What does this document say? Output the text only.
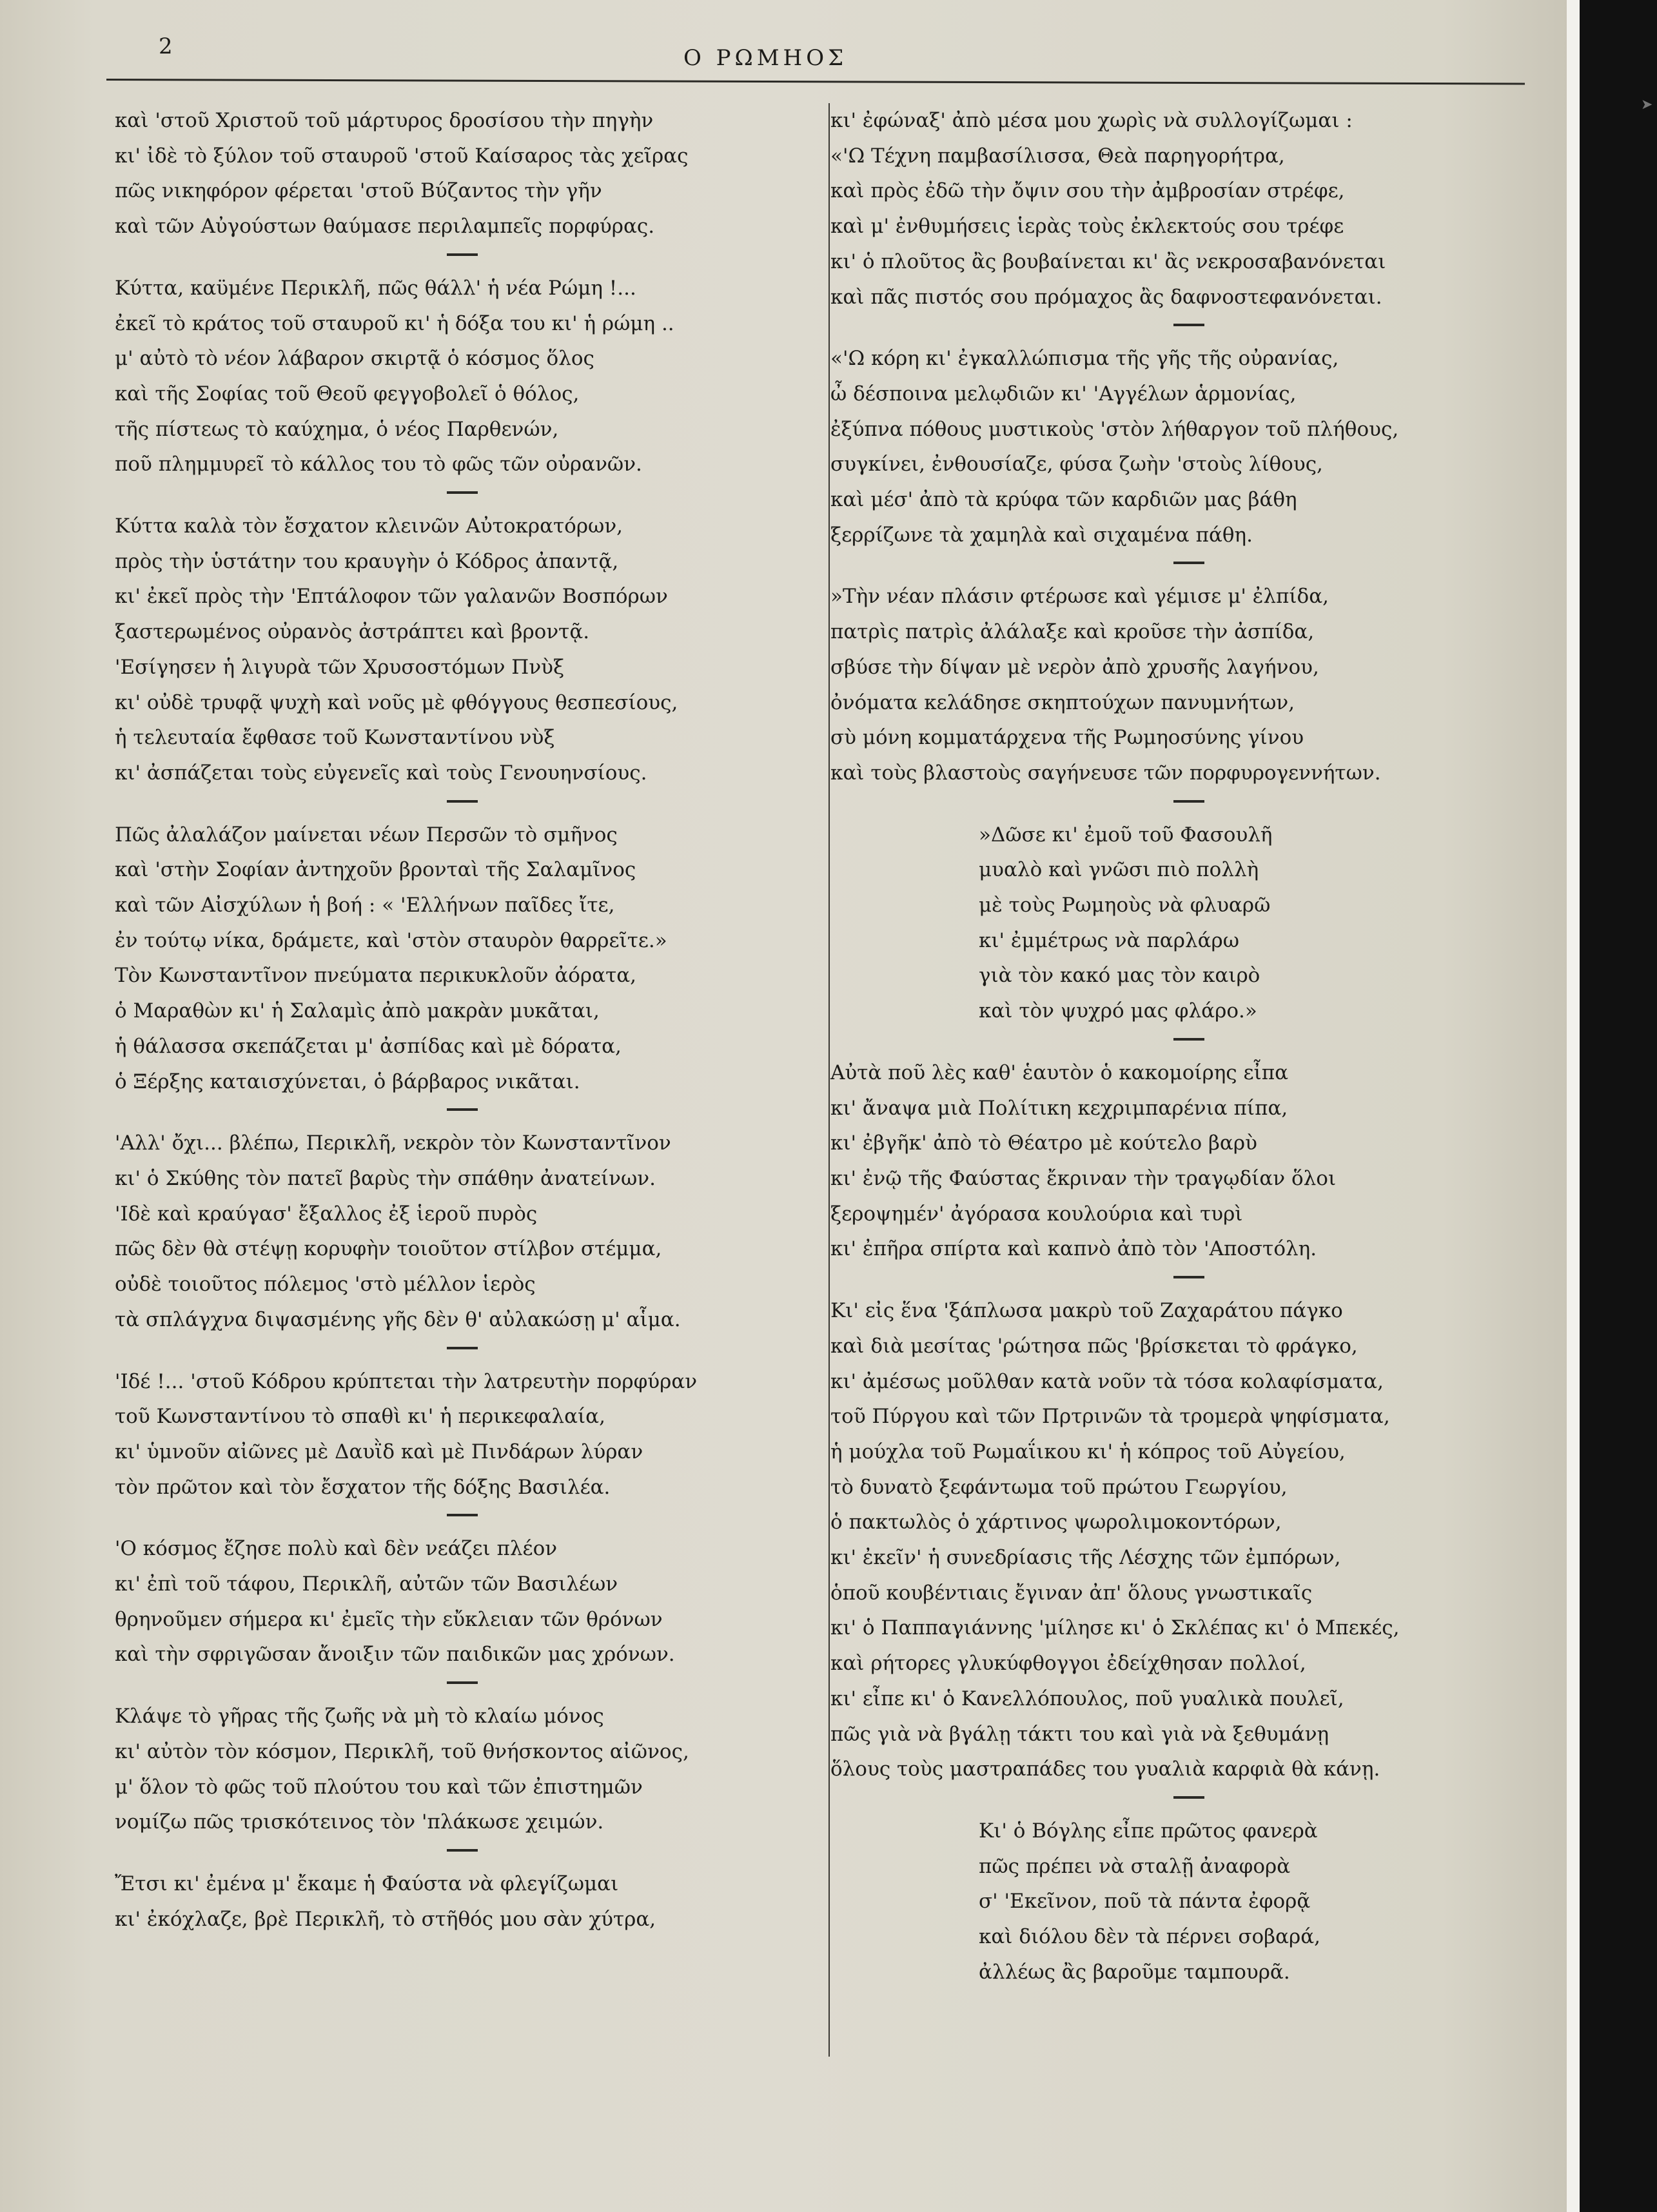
➤
2	Ο ΡΩΜΗΟΣ
καὶ 'στοῦ Χριστοῦ τοῦ μάρτυρος δροσίσου τὴν πηγὴν
κι' ἰδὲ τὸ ξύλον τοῦ σταυροῦ 'στοῦ Καίσαρος τὰς χεῖρας
πῶς νικηφόρον φέρεται 'στοῦ Βύζαντος τὴν γῆν
καὶ τῶν Αὐγούστων θαύμασε περιλαμπεῖς πορφύρας.
Κύττα, καϋμένε Περικλῆ, πῶς θάλλ' ἡ νέα Ρώμη !...
ἐκεῖ τὸ κράτος τοῦ σταυροῦ κι' ἡ δόξα του κι' ἡ ρώμη ..
μ' αὐτὸ τὸ νέον λάβαρον σκιρτᾷ ὁ κόσμος ὅλος
καὶ τῆς Σοφίας τοῦ Θεοῦ φεγγοβολεῖ ὁ θόλος,
τῆς πίστεως τὸ καύχημα, ὁ νέος Παρθενών,
ποῦ πλημμυρεῖ τὸ κάλλος του τὸ φῶς τῶν οὐρανῶν.
Κύττα καλὰ τὸν ἔσχατον κλεινῶν Αὐτοκρατόρων,
πρὸς τὴν ὑστάτην του κραυγὴν ὁ Κόδρος ἀπαντᾷ,
κι' ἐκεῖ πρὸς τὴν 'Επτάλοφον τῶν γαλανῶν Βοσπόρων
ξαστερωμένος οὐρανὸς ἀστράπτει καὶ βροντᾷ.
'Εσίγησεν ἡ λιγυρὰ τῶν Χρυσοστόμων Πνὺξ
κι' οὐδὲ τρυφᾷ ψυχὴ καὶ νοῦς μὲ φθόγγους θεσπεσίους,
ἡ τελευταία ἔφθασε τοῦ Κωνσταντίνου νὺξ
κι' ἀσπάζεται τοὺς εὐγενεῖς καὶ τοὺς Γενουηνσίους.
Πῶς ἀλαλάζον μαίνεται νέων Περσῶν τὸ σμῆνος
καὶ 'στὴν Σοφίαν ἀντηχοῦν βρονταὶ τῆς Σαλαμῖνος
καὶ τῶν Αἰσχύλων ἡ βοή : « 'Ελλήνων παῖδες ἴτε,
ἐν τούτῳ νίκα, δράμετε, καὶ 'στὸν σταυρὸν θαρρεῖτε.»
Τὸν Κωνσταντῖνον πνεύματα περικυκλοῦν ἀόρατα,
ὁ Μαραθὼν κι' ἡ Σαλαμὶς ἀπὸ μακρὰν μυκᾶται,
ἡ θάλασσα σκεπάζεται μ' ἀσπίδας καὶ μὲ δόρατα,
ὁ Ξέρξης καταισχύνεται, ὁ βάρβαρος νικᾶται.
'Αλλ' ὄχι... βλέπω, Περικλῆ, νεκρὸν τὸν Κωνσταντῖνον
κι' ὁ Σκύθης τὸν πατεῖ βαρὺς τὴν σπάθην ἀνατείνων.
'Ιδὲ καὶ κραύγασ' ἔξαλλος ἐξ ἱεροῦ πυρὸς
πῶς δὲν θὰ στέψῃ κορυφὴν τοιοῦτον στίλβον στέμμα,
οὐδὲ τοιοῦτος πόλεμος 'στὸ μέλλον ἱερὸς
τὰ σπλάγχνα διψασμένης γῆς δὲν θ' αὐλακώσῃ μ' αἷμα.
'Ιδέ !... 'στοῦ Κόδρου κρύπτεται τὴν λατρευτὴν πορφύραν
τοῦ Κωνσταντίνου τὸ σπαθὶ κι' ἡ περικεφαλαία,
κι' ὑμνοῦν αἰῶνες μὲ Δαυῒδ καὶ μὲ Πινδάρων λύραν
τὸν πρῶτον καὶ τὸν ἔσχατον τῆς δόξης Βασιλέα.
'Ο κόσμος ἔζησε πολὺ καὶ δὲν νεάζει πλέον
κι' ἐπὶ τοῦ τάφου, Περικλῆ, αὐτῶν τῶν Βασιλέων
θρηνοῦμεν σήμερα κι' ἐμεῖς τὴν εὔκλειαν τῶν θρόνων
καὶ τὴν σφριγῶσαν ἄνοιξιν τῶν παιδικῶν μας χρόνων.
Κλάψε τὸ γῆρας τῆς ζωῆς νὰ μὴ τὸ κλαίω μόνος
κι' αὐτὸν τὸν κόσμον, Περικλῆ, τοῦ θνήσκοντος αἰῶνος,
μ' ὅλον τὸ φῶς τοῦ πλούτου του καὶ τῶν ἐπιστημῶν
νομίζω πῶς τρισκότεινος τὸν 'πλάκωσε χειμών.
Ἔτσι κι' ἐμένα μ' ἔκαμε ἡ Φαύστα νὰ φλεγίζωμαι
κι' ἐκόχλαζε, βρὲ Περικλῆ, τὸ στῆθός μου σὰν χύτρα,
κι' ἐφώναξ' ἀπὸ μέσα μου χωρὶς νὰ συλλογίζωμαι :
«'Ω Τέχνη παμβασίλισσα, Θεὰ παρηγορήτρα,
καὶ πρὸς ἐδῶ τὴν ὄψιν σου τὴν ἀμβροσίαν στρέφε,
καὶ μ' ἐνθυμήσεις ἱερὰς τοὺς ἐκλεκτούς σου τρέφε
κι' ὁ πλοῦτος ἂς βουβαίνεται κι' ἂς νεκροσαβανόνεται
καὶ πᾶς πιστός σου πρόμαχος ἂς δαφνοστεφανόνεται.
«'Ω κόρη κι' ἐγκαλλώπισμα τῆς γῆς τῆς οὐρανίας,
ὦ δέσποινα μελῳδιῶν κι' 'Αγγέλων ἁρμονίας,
ἐξύπνα πόθους μυστικοὺς 'στὸν λήθαργον τοῦ πλήθους,
συγκίνει, ἐνθουσίαζε, φύσα ζωὴν 'στοὺς λίθους,
καὶ μέσ' ἀπὸ τὰ κρύφα τῶν καρδιῶν μας βάθη
ξερρίζωνε τὰ χαμηλὰ καὶ σιχαμένα πάθη.
»Τὴν νέαν πλάσιν φτέρωσε καὶ γέμισε μ' ἐλπίδα,
πατρὶς πατρὶς ἀλάλαξε καὶ κροῦσε τὴν ἀσπίδα,
σβύσε τὴν δίψαν μὲ νερὸν ἀπὸ χρυσῆς λαγήνου,
ὀνόματα κελάδησε σκηπτούχων πανυμνήτων,
σὺ μόνη κομματάρχενα τῆς Ρωμηοσύνης γίνου
καὶ τοὺς βλαστοὺς σαγήνευσε τῶν πορφυρογεννήτων.
»Δῶσε κι' ἐμοῦ τοῦ Φασουλῆ
μυαλὸ καὶ γνῶσι πιὸ πολλὴ
μὲ τοὺς Ρωμηοὺς νὰ φλυαρῶ
κι' ἐμμέτρως νὰ παρλάρω
γιὰ τὸν κακό μας τὸν καιρὸ
καὶ τὸν ψυχρό μας φλάρο.»
Αὐτὰ ποῦ λὲς καθ' ἑαυτὸν ὁ κακομοίρης εἶπα
κι' ἄναψα μιὰ Πολίτικη κεχριμπαρένια πίπα,
κι' ἐβγῆκ' ἀπὸ τὸ Θέατρο μὲ κούτελο βαρὺ
κι' ἐνῷ τῆς Φαύστας ἔκριναν τὴν τραγῳδίαν ὅλοι
ξεροψημέν' ἀγόρασα κουλούρια καὶ τυρὶ
κι' ἐπῆρα σπίρτα καὶ καπνὸ ἀπὸ τὸν 'Αποστόλη.
Κι' εἰς ἕνα 'ξάπλωσα μακρὺ τοῦ Ζαχαράτου πάγκο
καὶ διὰ μεσίτας 'ρώτησα πῶς 'βρίσκεται τὸ φράγκο,
κι' ἀμέσως μοῦλθαν κατὰ νοῦν τὰ τόσα κολαφίσματα,
τοῦ Πύργου καὶ τῶν Πρτρινῶν τὰ τρομερὰ ψηφίσματα,
ἡ μούχλα τοῦ Ρωμαΐικου κι' ἡ κόπρος τοῦ Αὐγείου,
τὸ δυνατὸ ξεφάντωμα τοῦ πρώτου Γεωργίου,
ὁ πακτωλὸς ὁ χάρτινος ψωρολιμοκοντόρων,
κι' ἐκεῖν' ἡ συνεδρίασις τῆς Λέσχης τῶν ἐμπόρων,
ὁποῦ κουβέντιαις ἔγιναν ἀπ' ὅλους γνωστικαῖς
κι' ὁ Παππαγιάννης 'μίλησε κι' ὁ Σκλέπας κι' ὁ Μπεκές,
καὶ ρήτορες γλυκύφθογγοι ἐδείχθησαν πολλοί,
κι' εἶπε κι' ὁ Κανελλόπουλος, ποῦ γυαλικὰ πουλεῖ,
πῶς γιὰ νὰ βγάλῃ τάκτι του καὶ γιὰ νὰ ξεθυμάνῃ
ὅλους τοὺς μαστραπάδες του γυαλιὰ καρφιὰ θὰ κάνῃ.
Κι' ὁ Βόγλης εἶπε πρῶτος φανερὰ
πῶς πρέπει νὰ σταλῇ ἀναφορὰ
σ' 'Εκεῖνον, ποῦ τὰ πάντα ἐφορᾷ
καὶ διόλου δὲν τὰ πέρνει σοβαρά,
ἀλλέως ἂς βαροῦμε ταμπουρᾶ.
